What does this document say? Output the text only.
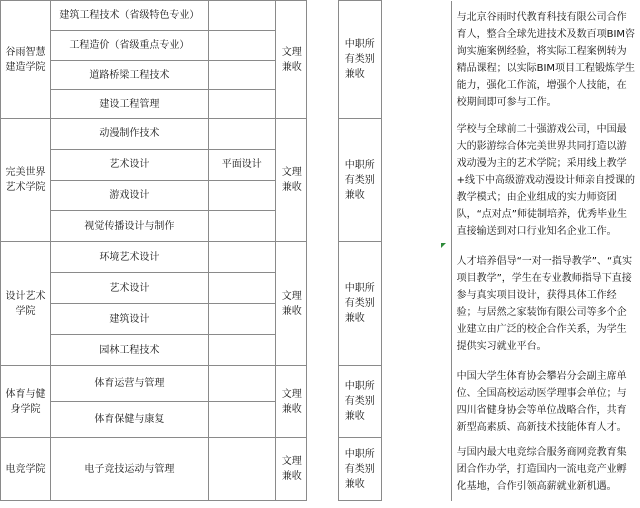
谷雨智慧建造学院	建筑工程技术（省级特色专业）		文理兼收		中职所有类别兼收		与北京谷雨时代教育科技有限公司合作育人，整合全球先进技术及数百项BIM咨询实施案例经验，将实际工程案例转为精品课程；以实际BIM项目工程锻炼学生能力，强化工作流，增强个人技能，在校期间即可参与工作。
	工程造价（省级重点专业）						
	道路桥梁工程技术						
	建设工程管理						
完美世界艺术学院	动漫制作技术		文理兼收		中职所有类别兼收		学校与全球前二十强游戏公司，中国最大的影游综合体完美世界共同打造以游戏动漫为主的艺术学院；采用线上教学+线下中高级游戏动漫设计师亲自授课的教学模式；由企业组成的实力师资团队，“点对点”师徒制培养，优秀毕业生直接输送到对口行业知名企业工作。
	艺术设计	平面设计					
	游戏设计						
	视觉传播设计与制作						
设计艺术学院	环境艺术设计		文理兼收		中职所有类别兼收		人才培养倡导“一对一指导教学”、“真实项目教学”，学生在专业教师指导下直接参与真实项目设计，获得具体工作经验；与居然之家装饰有限公司等多个企业建立由广泛的校企合作关系，为学生提供实习就业平台。
	艺术设计						
	建筑设计						
	园林工程技术						
体育与健身学院	体育运营与管理		文理兼收		中职所有类别兼收		中国大学生体育协会攀岩分会副主席单位、全国高校运动医学理事会单位；与四川省健身协会等单位战略合作，共育新型高素质、高新技术技能体育人才。
	体育保健与康复						
电竞学院	电子竞技运动与管理		文理兼收		中职所有类别兼收		与国内最大电竞综合服务商网竞教育集团合作办学，打造国内一流电竞产业孵化基地，合作引领高薪就业新机遇。
